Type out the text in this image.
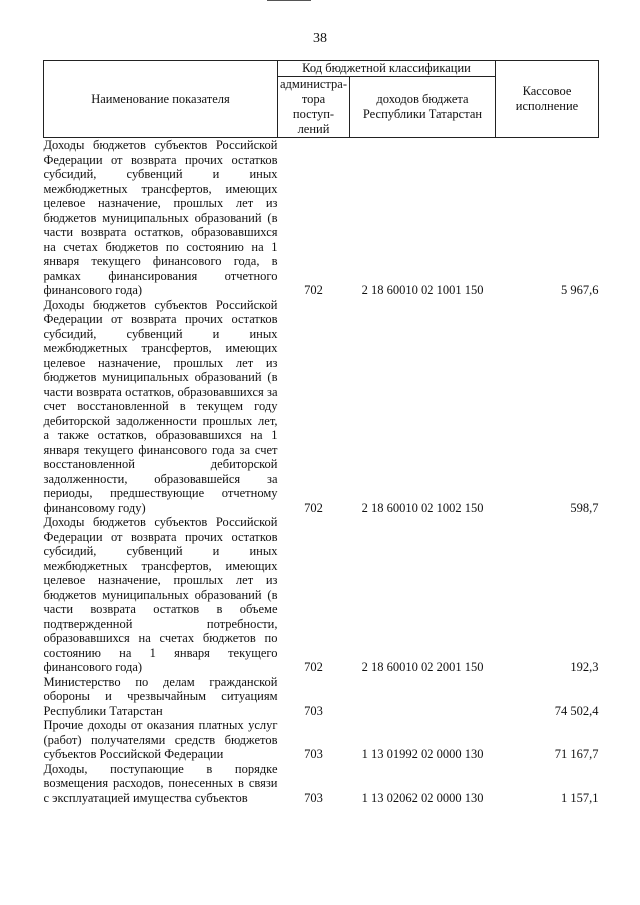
38
Наименование показателя	Код бюджетной классификации		Кассовое исполнение
	администра-тора поступ-лений	доходов бюджета Республики Татарстан	
Доходы бюджетов субъектов Российской Федерации от возврата прочих остатков субсидий, субвенций и иных межбюджетных трансфертов, имеющих целевое назначение, прошлых лет из бюджетов муниципальных образований (в части возврата остатков, образовавшихся на счетах бюджетов по состоянию на 1 января текущего финансового года, в рамках финансирования отчетного финансового года)	702	2 18 60010 02 1001 150	5 967,6
Доходы бюджетов субъектов Российской Федерации от возврата прочих остатков субсидий, субвенций и иных межбюджетных трансфертов, имеющих целевое назначение, прошлых лет из бюджетов муниципальных образований (в части возврата остатков, образовавшихся за счет восстановленной в текущем году дебиторской задолженности прошлых лет, а также остатков, образовавшихся на 1 января текущего финансового года за счет восстановленной дебиторской задолженности, образовавшейся за периоды, предшествующие отчетному финансовому году)	702	2 18 60010 02 1002 150	598,7
Доходы бюджетов субъектов Российской Федерации от возврата прочих остатков субсидий, субвенций и иных межбюджетных трансфертов, имеющих целевое назначение, прошлых лет из бюджетов муниципальных образований (в части возврата остатков в объеме подтвержденной потребности, образовавшихся на счетах бюджетов по состоянию на 1 января текущего финансового года)	702	2 18 60010 02 2001 150	192,3
Министерство по делам гражданской обороны и чрезвычайным ситуациям Республики Татарстан	703		74 502,4
Прочие доходы от оказания платных услуг (работ) получателями средств бюджетов субъектов Российской Федерации	703	1 13 01992 02 0000 130	71 167,7
Доходы, поступающие в порядке возмещения расходов, понесенных в связи с эксплуатацией имущества субъектов	703	1 13 02062 02 0000 130	1 157,1
